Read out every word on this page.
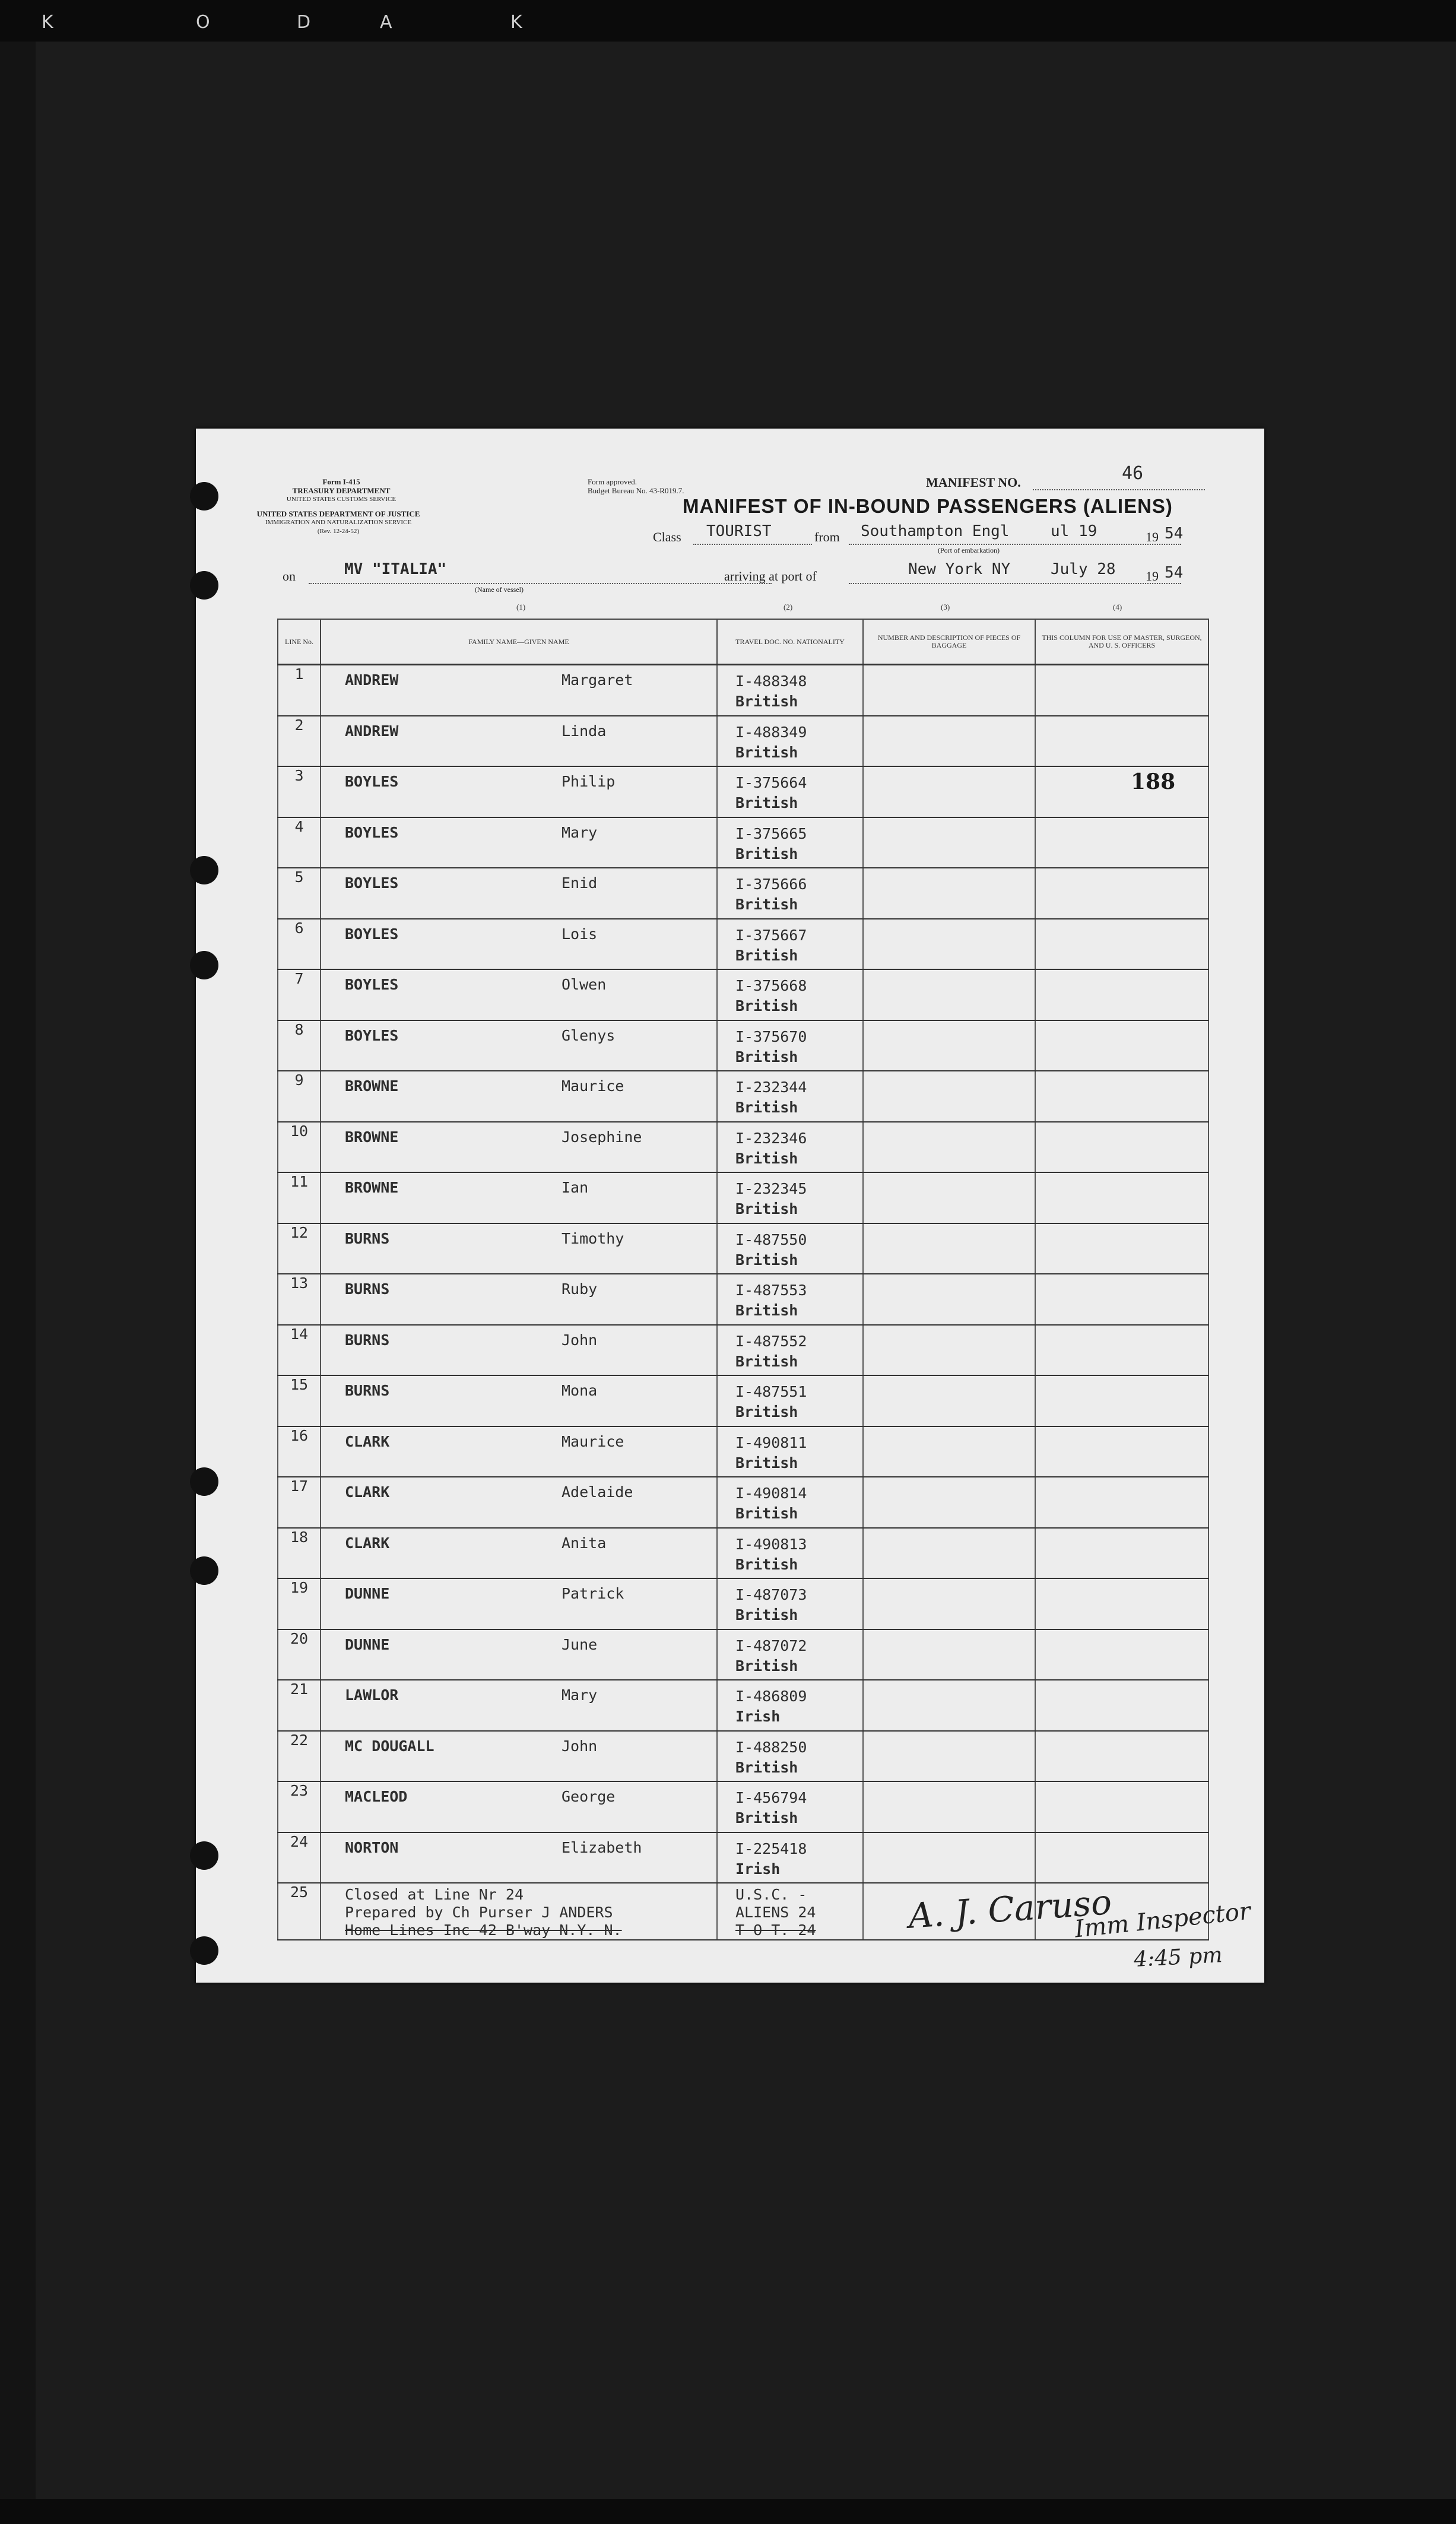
K	O	D	A	K
Form I-415
TREASURY DEPARTMENT
UNITED STATES CUSTOMS SERVICE
UNITED STATES DEPARTMENT OF JUSTICE
IMMIGRATION AND NATURALIZATION SERVICE
(Rev. 12-24-52)
Form approved.
Budget Bureau No. 43-R019.7.
MANIFEST NO.	46
MANIFEST OF IN-BOUND PASSENGERS (ALIENS)
Class TOURIST	from Southampton Engl	ul 19	19 54
(Port of embarkation)
on	MV "ITALIA"
(Name of vessel)
arriving at port of	New York NY	July 28 19 54
(1)	(2)	(3)	(4)
LINE No.	FAMILY NAME—GIVEN NAME	TRAVEL DOC. NO. NATIONALITY	NUMBER AND DESCRIPTION OF PIECES OF BAGGAGE	THIS COLUMN FOR USE OF MASTER, SURGEON, AND U. S. OFFICERS
1	ANDREW Margaret	I-488348
British		

2	ANDREW Linda	I-488349
British		

3	BOYLES Philip	I-375664
British		188

4	BOYLES Mary	I-375665
British		

5	BOYLES Enid	I-375666
British		

6	BOYLES Lois	I-375667
British		

7	BOYLES Olwen	I-375668
British		

8	BOYLES Glenys	I-375670
British		

9	BROWNE Maurice	I-232344
British		

10	BROWNE Josephine	I-232346
British		

11	BROWNE Ian	I-232345
British		

12	BURNS Timothy	I-487550
British		

13	BURNS Ruby	I-487553
British		

14	BURNS John	I-487552
British		

15	BURNS Mona	I-487551
British		

16	CLARK Maurice	I-490811
British		

17	CLARK Adelaide	I-490814
British		

18	CLARK Anita	I-490813
British		

19	DUNNE Patrick	I-487073
British		

20	DUNNE June	I-487072
British		

21	LAWLOR Mary	I-486809
Irish		

22	MC DOUGALL John	I-488250
British		

23	MACLEOD George	I-456794
British		

24	NORTON Elizabeth	I-225418
Irish		

25	Closed at Line Nr 24
Prepared by Ch Purser J ANDERS
Home Lines Inc 42 B'way N.Y. N.	U.S.C. -
ALIENS 24
T O T. 24		
			A. J. Caruso
Imm Inspector
4:45 pm
